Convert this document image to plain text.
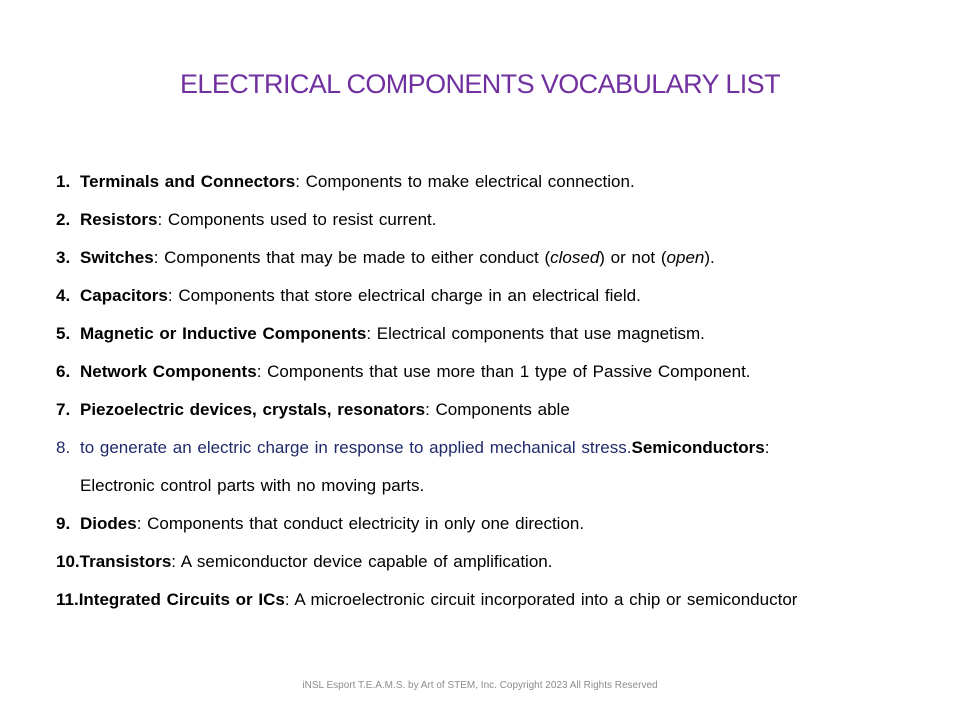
ELECTRICAL COMPONENTS VOCABULARY LIST
1. Terminals and Connectors: Components to make electrical connection.
2. Resistors: Components used to resist current.
3. Switches: Components that may be made to either conduct (closed) or not (open).
4. Capacitors: Components that store electrical charge in an electrical field.
5. Magnetic or Inductive Components: Electrical components that use magnetism.
6. Network Components: Components that use more than 1 type of Passive Component.
7. Piezoelectric devices, crystals, resonators: Components able
8. to generate an electric charge in response to applied mechanical stress.Semiconductors:
Electronic control parts with no moving parts.
9. Diodes: Components that conduct electricity in only one direction.
10. Transistors: A semiconductor device capable of amplification.
11. Integrated Circuits or ICs: A microelectronic circuit incorporated into a chip or semiconductor
iNSL Esport T.E.A.M.S. by Art of STEM, Inc. Copyright 2023 All Rights Reserved
